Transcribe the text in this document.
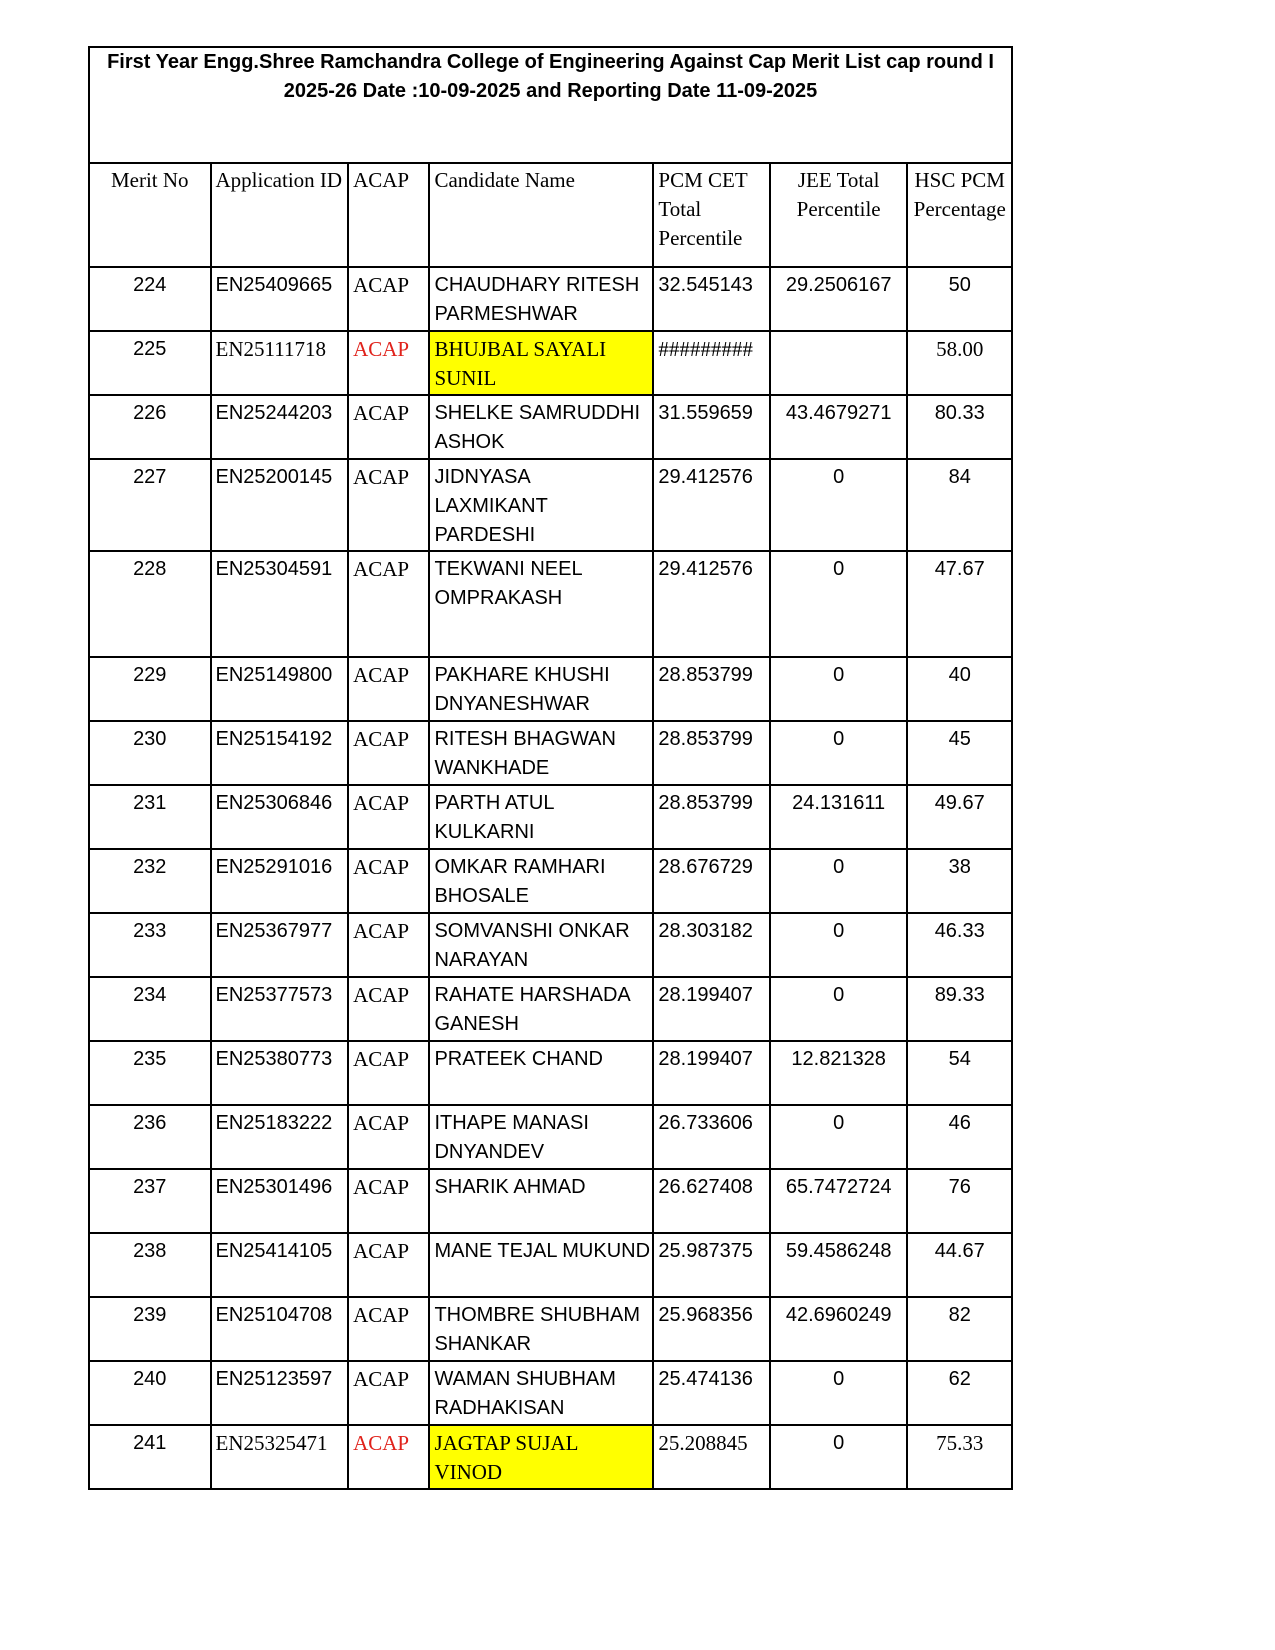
First Year Engg.Shree Ramchandra College of Engineering Against Cap Merit List cap round I
2025-26 Date :10-09-2025 and Reporting Date 11-09-2025						

Merit No	Application ID	ACAP	Candidate Name	PCM CET Total Percentile	JEE Total Percentile	HSC PCM Percentage
224	EN25409665	ACAP	CHAUDHARY RITESH PARMESHWAR	32.545143	29.2506167	50
225	EN25111718	ACAP	BHUJBAL SAYALI SUNIL	#########		58.00
226	EN25244203	ACAP	SHELKE SAMRUDDHI ASHOK	31.559659	43.4679271	80.33
227	EN25200145	ACAP	JIDNYASA LAXMIKANT PARDESHI	29.412576	0	84
228	EN25304591	ACAP	TEKWANI NEEL OMPRAKASH	29.412576	0	47.67
229	EN25149800	ACAP	PAKHARE KHUSHI DNYANESHWAR	28.853799	0	40
230	EN25154192	ACAP	RITESH BHAGWAN WANKHADE	28.853799	0	45
231	EN25306846	ACAP	PARTH ATUL KULKARNI	28.853799	24.131611	49.67
232	EN25291016	ACAP	OMKAR RAMHARI BHOSALE	28.676729	0	38
233	EN25367977	ACAP	SOMVANSHI ONKAR NARAYAN	28.303182	0	46.33
234	EN25377573	ACAP	RAHATE HARSHADA GANESH	28.199407	0	89.33
235	EN25380773	ACAP	PRATEEK CHAND	28.199407	12.821328	54
236	EN25183222	ACAP	ITHAPE MANASI DNYANDEV	26.733606	0	46
237	EN25301496	ACAP	SHARIK AHMAD	26.627408	65.7472724	76
238	EN25414105	ACAP	MANE TEJAL MUKUND	25.987375	59.4586248	44.67
239	EN25104708	ACAP	THOMBRE SHUBHAM SHANKAR	25.968356	42.6960249	82
240	EN25123597	ACAP	WAMAN SHUBHAM RADHAKISAN	25.474136	0	62
241	EN25325471	ACAP	JAGTAP SUJAL VINOD	25.208845	0	75.33
